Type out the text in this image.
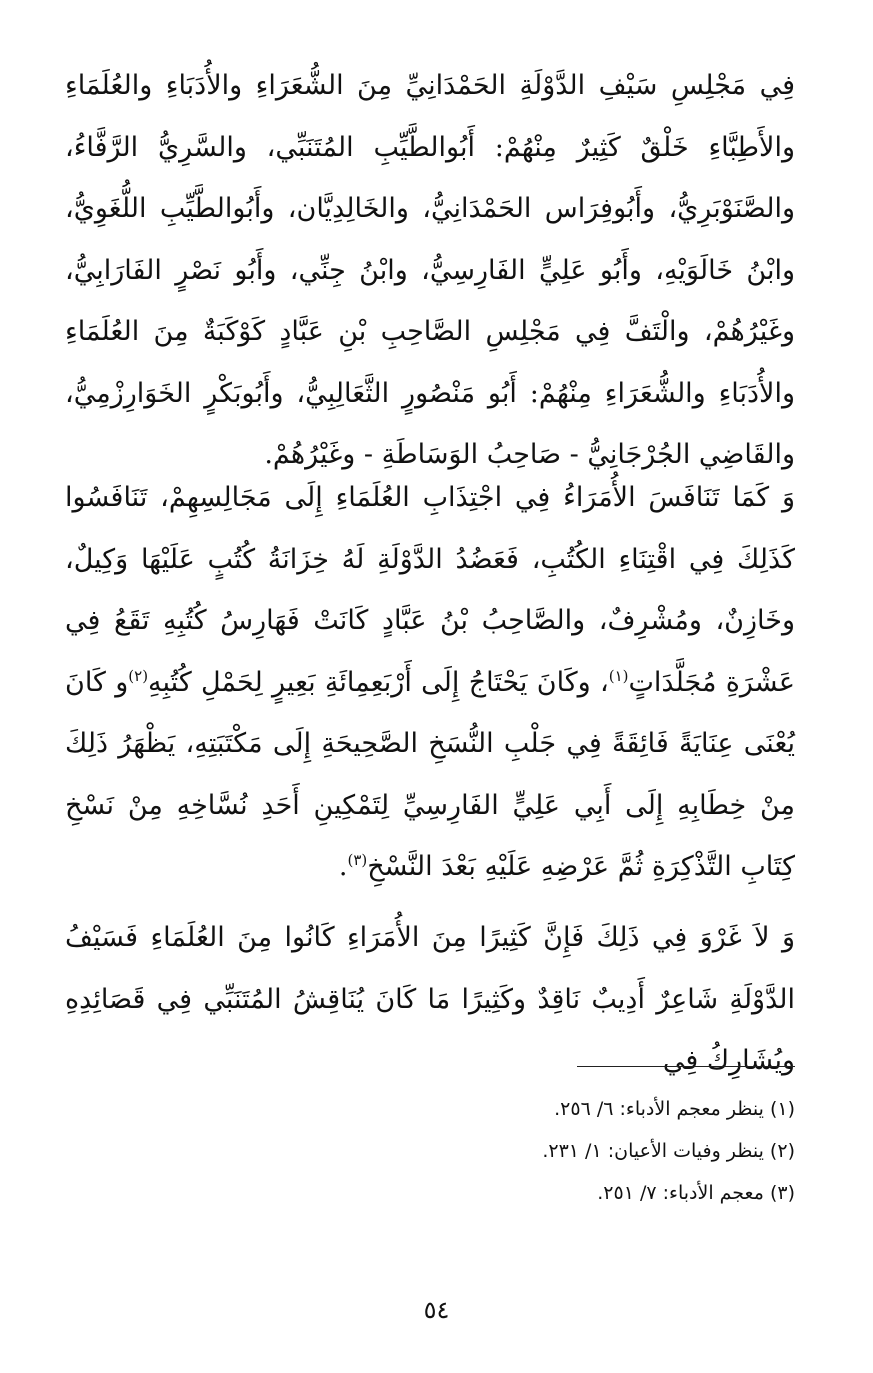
فِي مَجْلِسِ سَيْفِ الدَّوْلَةِ الحَمْدَانِيِّ مِنَ الشُّعَرَاءِ والأُدَبَاءِ والعُلَمَاءِ والأَطِبَّاءِ خَلْقٌ كَثِيرٌ مِنْهُمْ: أَبُوالطَّيِّبِ المُتَنَبِّي، والسَّرِيُّ الرَّفَّاءُ، والصَّنَوْبَرِيُّ، وأَبُوفِرَاس الحَمْدَانِيُّ، والخَالِدِيَّان، وأَبُوالطَّيِّبِ اللُّغَوِيُّ، وابْنُ خَالَوَيْهِ، وأَبُو عَلِيٍّ الفَارِسِيُّ، وابْنُ جِنِّي، وأَبُو نَصْرٍ الفَارَابِيُّ، وغَيْرُهُمْ، والْتَفَّ فِي مَجْلِسِ الصَّاحِبِ بْنِ عَبَّادٍ كَوْكَبَةٌ مِنَ العُلَمَاءِ والأُدَبَاءِ والشُّعَرَاءِ مِنْهُمْ: أَبُو مَنْصُورٍ الثَّعَالِبِيُّ، وأَبُوبَكْرٍ الخَوَارِزْمِيُّ، والقَاضِي الجُرْجَانِيُّ - صَاحِبُ الوَسَاطَةِ - وغَيْرُهُمْ.

وَ كَمَا تَنَافَسَ الأُمَرَاءُ فِي اجْتِذَابِ العُلَمَاءِ إِلَى مَجَالِسِهِمْ، تَنَافَسُوا كَذَلِكَ فِي اقْتِنَاءِ الكُتُبِ، فَعَضُدُ الدَّوْلَةِ لَهُ خِزَانَةُ كُتُبٍ عَلَيْهَا وَكِيلٌ، وخَازِنٌ، ومُشْرِفٌ، والصَّاحِبُ بْنُ عَبَّادٍ كَانَتْ فَهَارِسُ كُتُبِهِ تَقَعُ فِي عَشْرَةِ مُجَلَّدَاتٍ$^{(١)}$، وكَانَ يَحْتَاجُ إِلَى أَرْبَعِمِائَةِ بَعِيرٍ لِحَمْلِ كُتُبِهِ$^{(٢)}$و كَانَ يُعْنَى عِنَايَةً فَائِقَةً فِي جَلْبِ النُّسَخِ الصَّحِيحَةِ إِلَى مَكْتَبَتِهِ، يَظْهَرُ ذَلِكَ مِنْ خِطَابِهِ إِلَى أَبِي عَلِيٍّ الفَارِسِيِّ لِتَمْكِينِ أَحَدِ نُسَّاخِهِ مِنْ نَسْخِ كِتَابِ التَّذْكِرَةِ ثُمَّ عَرْضِهِ عَلَيْهِ بَعْدَ النَّسْخِ$^{(٣)}$.

وَ لاَ غَرْوَ فِي ذَلِكَ فَإِنَّ كَثِيرًا مِنَ الأُمَرَاءِ كَانُوا مِنَ العُلَمَاءِ فَسَيْفُ الدَّوْلَةِ شَاعِرٌ أَدِيبٌ نَاقِدٌ وكَثِيرًا مَا كَانَ يُنَاقِشُ المُتَنَبِّي فِي قَصَائِدِهِ ويُشَارِكُ فِي

(١) ينظر معجم الأدباء: ٦/ ٢٥٦.
(٢) ينظر وفيات الأعيان: ١/ ٢٣١.
(٣) معجم الأدباء: ٧/ ٢٥١.
٥٤
